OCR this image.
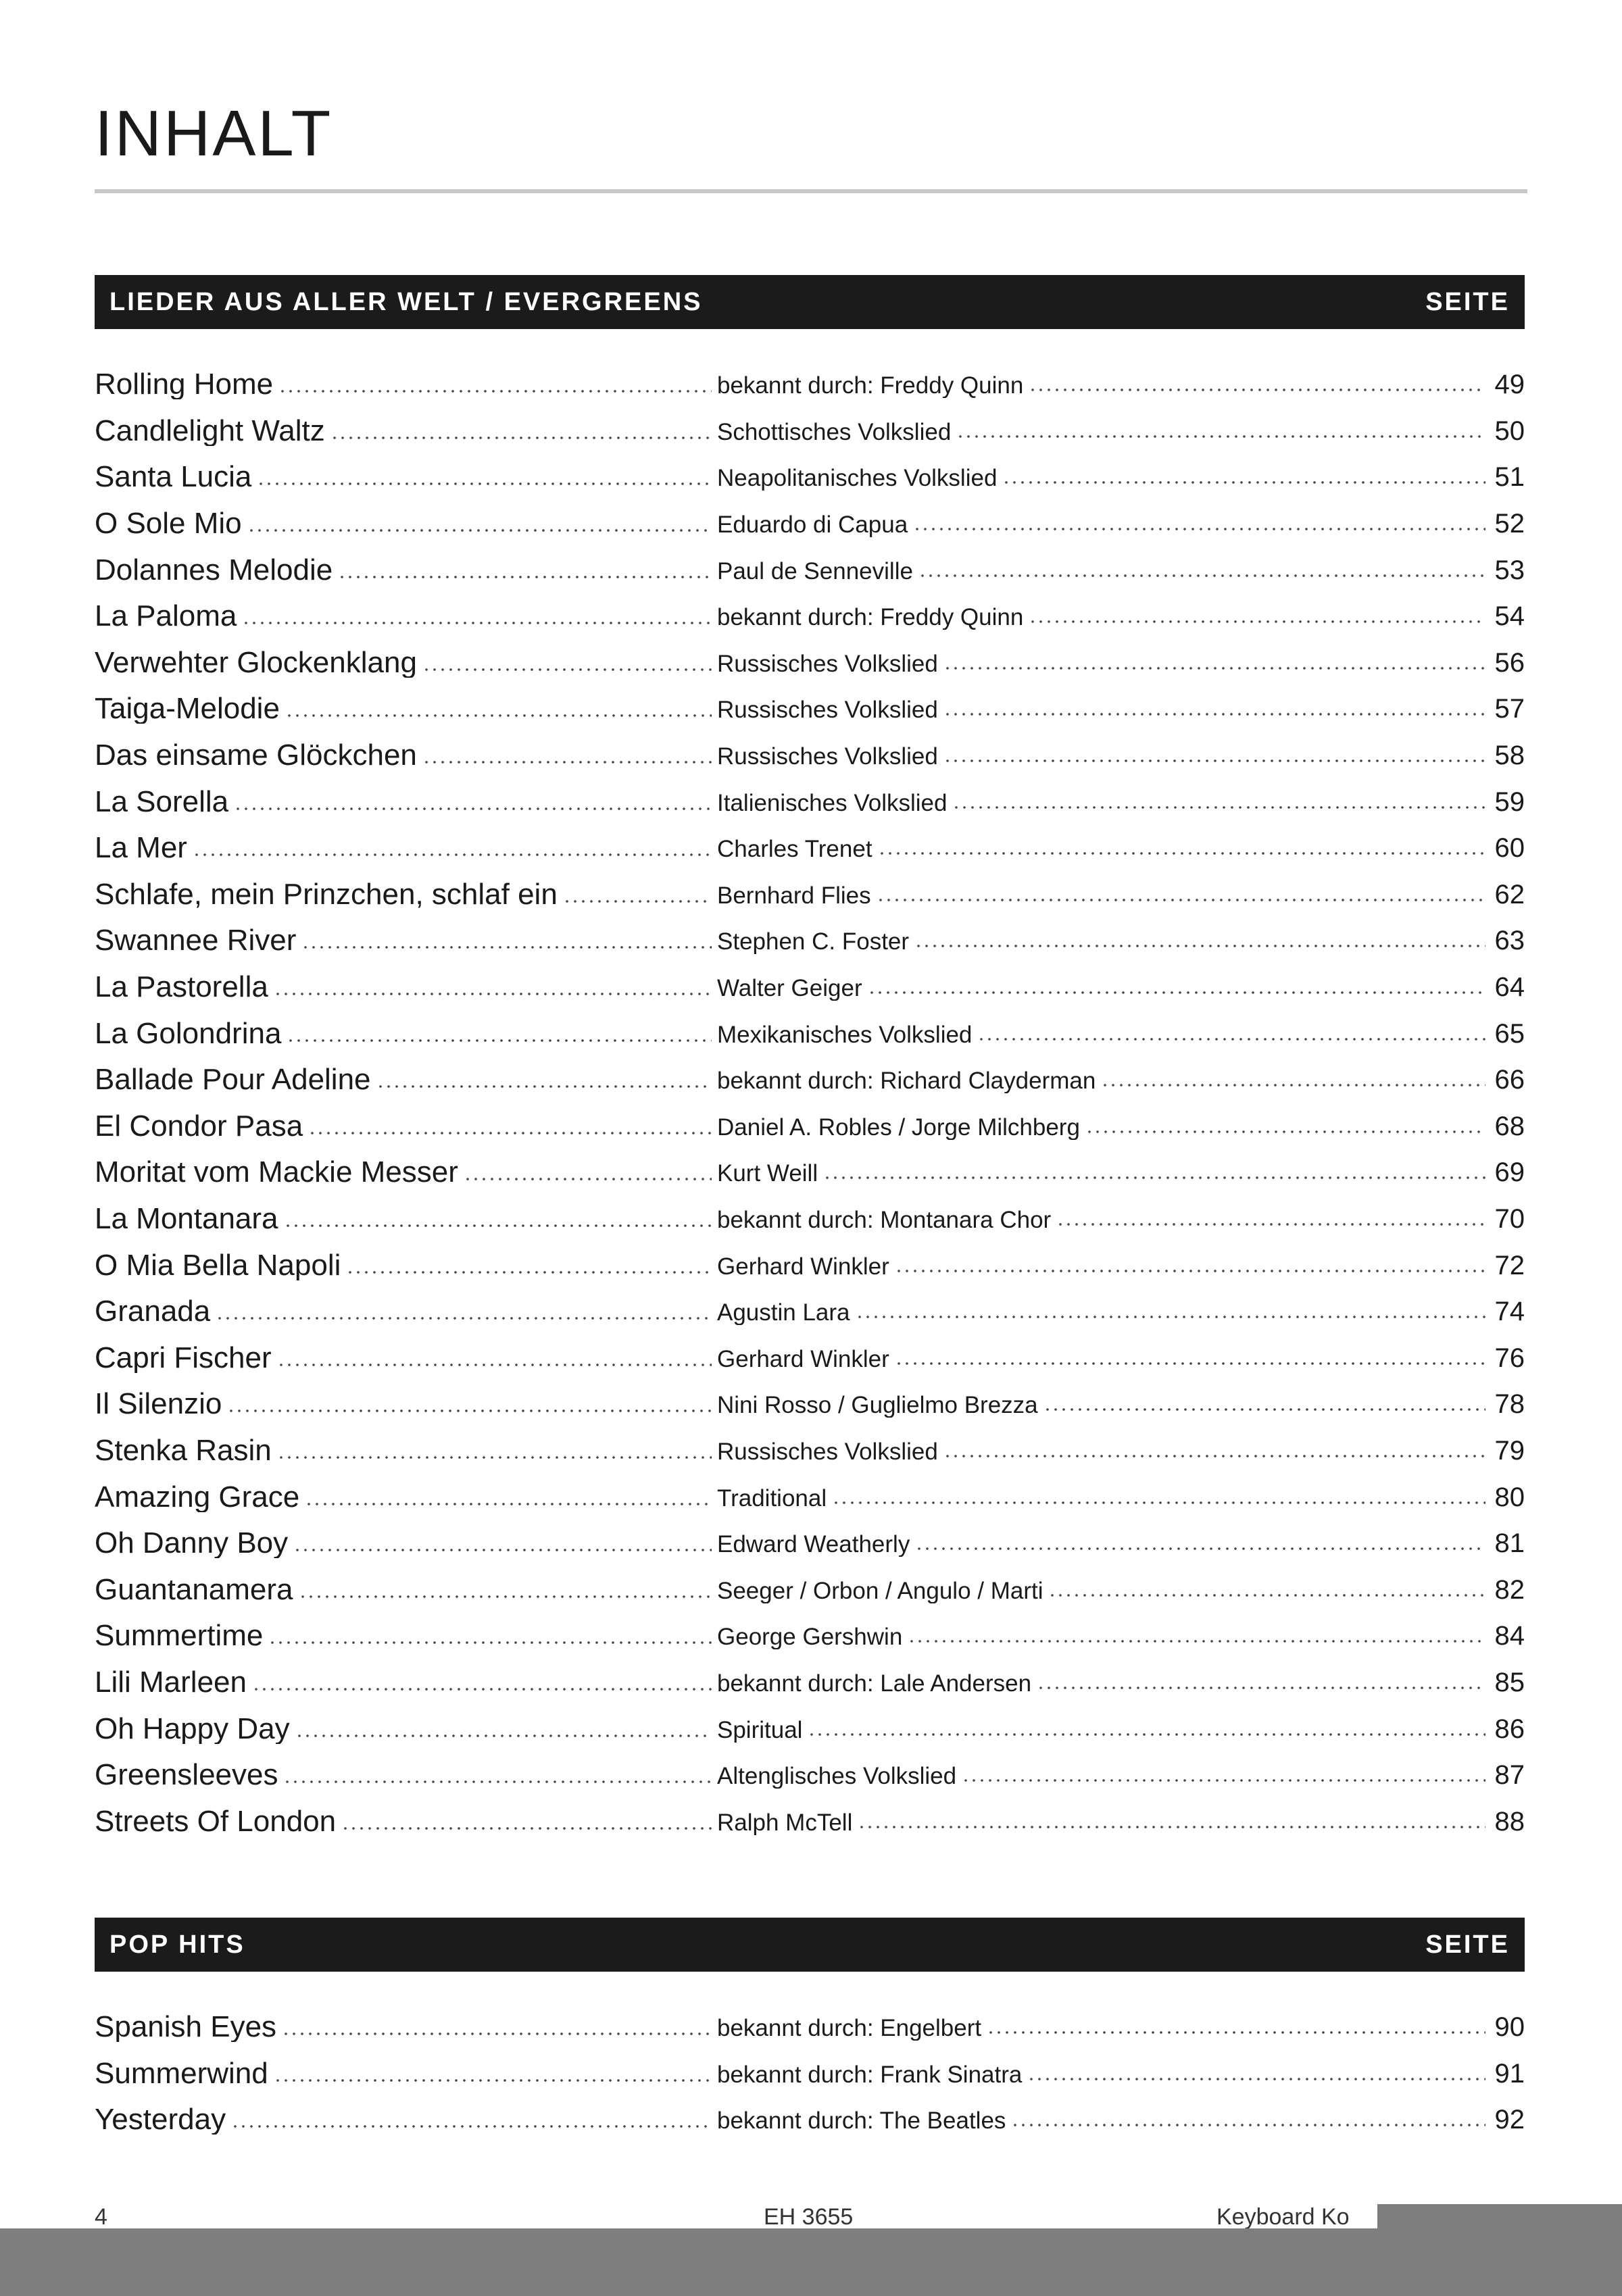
INHALT
LIEDER AUS ALLER WELT / EVERGREENS	SEITE
Rolling Home	bekannt durch: Freddy Quinn	49
Candlelight Waltz	Schottisches Volkslied	50
Santa Lucia	Neapolitanisches Volkslied	51
O Sole Mio	Eduardo di Capua	52
Dolannes Melodie	Paul de Senneville	53
La Paloma	bekannt durch: Freddy Quinn	54
Verwehter Glockenklang	Russisches Volkslied	56
Taiga-Melodie	Russisches Volkslied	57
Das einsame Glöckchen	Russisches Volkslied	58
La Sorella	Italienisches Volkslied	59
La Mer	Charles Trenet	60
Schlafe, mein Prinzchen, schlaf ein	Bernhard Flies	62
Swannee River	Stephen C. Foster	63
La Pastorella	Walter Geiger	64
La Golondrina	Mexikanisches Volkslied	65
Ballade Pour Adeline	bekannt durch: Richard Clayderman	66
El Condor Pasa	Daniel A. Robles / Jorge Milchberg	68
Moritat vom Mackie Messer	Kurt Weill	69
La Montanara	bekannt durch: Montanara Chor	70
O Mia Bella Napoli	Gerhard Winkler	72
Granada	Agustin Lara	74
Capri Fischer	Gerhard Winkler	76
Il Silenzio	Nini Rosso / Guglielmo Brezza	78
Stenka Rasin	Russisches Volkslied	79
Amazing Grace	Traditional	80
Oh Danny Boy	Edward Weatherly	81
Guantanamera	Seeger / Orbon / Angulo / Marti	82
Summertime	George Gershwin	84
Lili Marleen	bekannt durch: Lale Andersen	85
Oh Happy Day	Spiritual	86
Greensleeves	Altenglisches Volkslied	87
Streets Of London	Ralph McTell	88
POP HITS	SEITE
Spanish Eyes	bekannt durch: Engelbert	90
Summerwind	bekannt durch: Frank Sinatra	91
Yesterday	bekannt durch: The Beatles	92
4	EH 3655	Keyboard Ko
